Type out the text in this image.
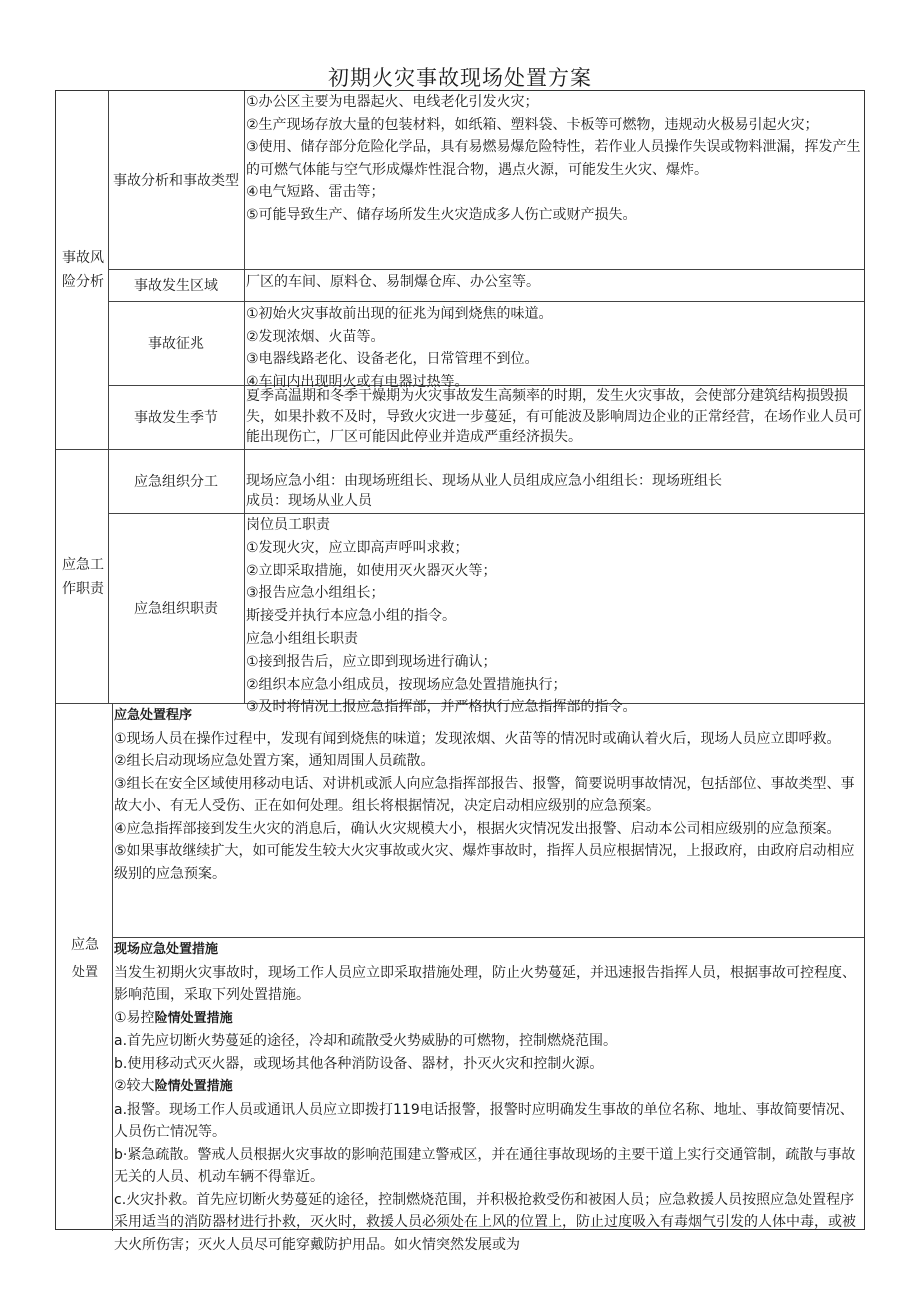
初期火灾事故现场处置方案
事故风险分析
事故分析和事故类型

①办公区主要为电器起火、电线老化引发火灾；

②生产现场存放大量的包装材料，如纸箱、塑料袋、卡板等可燃物，违规动火极易引起火灾；

③使用、储存部分危险化学品，具有易燃易爆危险特性，若作业人员操作失误或物料泄漏，挥发产生的可燃气体能与空气形成爆炸性混合物，遇点火源，可能发生火灾、爆炸。

④电气短路、雷击等；

⑤可能导致生产、储存场所发生火灾造成多人伤亡或财产损失。

事故发生区域 厂区的车间、原料仓、易制爆仓库、办公室等。

事故征兆

①初始火灾事故前出现的征兆为闻到烧焦的味道。

②发现浓烟、火苗等。

③电器线路老化、设备老化，日常管理不到位。

④车间内出现明火或有电器过热等。

事故发生季节

夏季高温期和冬季干燥期为火灾事故发生高频率的时期，发生火灾事故，会使部分建筑结构损毁损失，如果扑救不及时，导致火灾进一步蔓延，有可能波及影响周边企业的正常经营，在场作业人员可能出现伤亡，厂区可能因此停业并造成严重经济损失。

应急工作职责
应急组织分工 现场应急小组：由现场班组长、现场从业人员组成应急小组组长：现场班组长

成员：现场从业人员

应急组织职责

岗位员工职责

①发现火灾，应立即高声呼叫求救；

②立即采取措施，如使用灭火器灭火等；

③报告应急小组组长；

斯接受并执行本应急小组的指令。

应急小组组长职责

①接到报告后，应立即到现场进行确认；

②组织本应急小组成员，按现场应急处置措施执行；

③及时将情况上报应急指挥部，并严格执行应急指挥部的指令。

应急
处置

应急处置程序

①现场人员在操作过程中，发现有闻到烧焦的味道；发现浓烟、火苗等的情况时或确认着火后，现场人员应立即呼救。

②组长启动现场应急处置方案，通知周围人员疏散。

③组长在安全区域使用移动电话、对讲机或派人向应急指挥部报告、报警，简要说明事故情况，包括部位、事故类型、事故大小、有无人受伤、正在如何处理。组长将根据情况，决定启动相应级别的应急预案。

④应急指挥部接到发生火灾的消息后，确认火灾规模大小，根据火灾情况发出报警、启动本公司相应级别的应急预案。

⑤如果事故继续扩大，如可能发生较大火灾事故或火灾、爆炸事故时，指挥人员应根据情况，上报政府，由政府启动相应级别的应急预案。

现场应急处置措施

当发生初期火灾事故时，现场工作人员应立即采取措施处理，防止火势蔓延，并迅速报告指挥人员，根据事故可控程度、影响范围，采取下列处置措施。

①易控险情处置措施

a.首先应切断火势蔓延的途径，冷却和疏散受火势威胁的可燃物，控制燃烧范围。

b.使用移动式灭火器，或现场其他各种消防设备、器材，扑灭火灾和控制火源。

②较大险情处置措施

a.报警。现场工作人员或通讯人员应立即拨打119电话报警，报警时应明确发生事故的单位名称、地址、事故简要情况、人员伤亡情况等。

b·紧急疏散。警戒人员根据火灾事故的影响范围建立警戒区，并在通往事故现场的主要干道上实行交通管制，疏散与事故无关的人员、机动车辆不得靠近。

c.火灾扑救。首先应切断火势蔓延的途径，控制燃烧范围，并积极抢救受伤和被困人员；应急救援人员按照应急处置程序采用适当的消防器材进行扑救，灭火时，救援人员必须处在上风的位置上，防止过度吸入有毒烟气引发的人体中毒，或被大火所伤害；灭火人员尽可能穿戴防护用品。如火情突然发展或为
